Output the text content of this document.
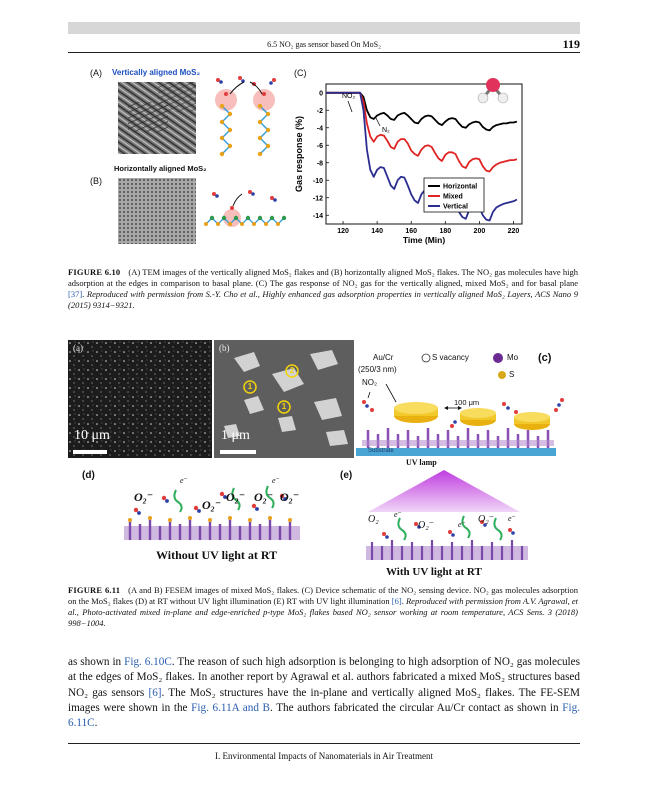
6.5 NO₂ gas sensor based On MoS₂	119
(A) Vertically aligned MoS₂
(B)
Horizontally aligned MoS₂
(C)
120	140	160	180	200	220
0
-2
-4
-6
-8
-10
-12
-14
Time (Min)
Gas response (%)	Horizontal
Mixed
Vertical
NO₂
N₂
FIGURE 6.10 (A) TEM images of the vertically aligned MoS₂ flakes and (B) horizontally aligned MoS₂ flakes. The NO₂ gas molecules have high adsorption at the edges in comparison to basal plane. (C) The gas response of NO₂ gas for the vertically aligned, mixed MoS₂ and for basal plane [37]. Reproduced with permission from S.-Y. Cho et al., Highly enhanced gas adsorption properties in vertically aligned MoS₂ Layers, ACS Nano 9 (2015) 9314−9321.
(a)
10 μm
(b)
1
2
1
1 μm
(c)
Au/Cr
(250/3 nm)
S vacancy	Mo
S
NO₂
100 μm
Substrate
(d)
O₂⁻
O₂⁻
O₂⁻ O₂⁻ O₂⁻
e⁻	e⁻
Without UV light at RT
(e)
UV lamp
O₂
O₂⁻
O₂⁻
e⁻
e⁻
e⁻
With UV light at RT
FIGURE 6.11 (A and B) FESEM images of mixed MoS₂ flakes. (C) Device schematic of the NO₂ sensing device. NO₂ gas molecules adsorption on the MoS₂ flakes (D) at RT without UV light illumination (E) RT with UV light illumination [6]. Reproduced with permission from A.V. Agrawal, et al., Photo-activated mixed in-plane and edge-enriched p-type MoS₂ flakes based NO₂ sensor working at room temperature, ACS Sens. 3 (2018) 998−1004.
as shown in Fig. 6.10C. The reason of such high adsorption is belonging to high adsorption of NO₂ gas molecules at the edges of MoS₂ flakes. In another report by Agrawal et al. authors fabricated a mixed MoS₂ structures based NO₂ gas sensors [6]. The MoS₂ structures have the in-plane and vertically aligned MoS₂ flakes. The FE-SEM images were shown in the Fig. 6.11A and B. The authors fabricated the circular Au/Cr contact as shown in Fig. 6.11C.
I. Environmental Impacts of Nanomaterials in Air Treatment
